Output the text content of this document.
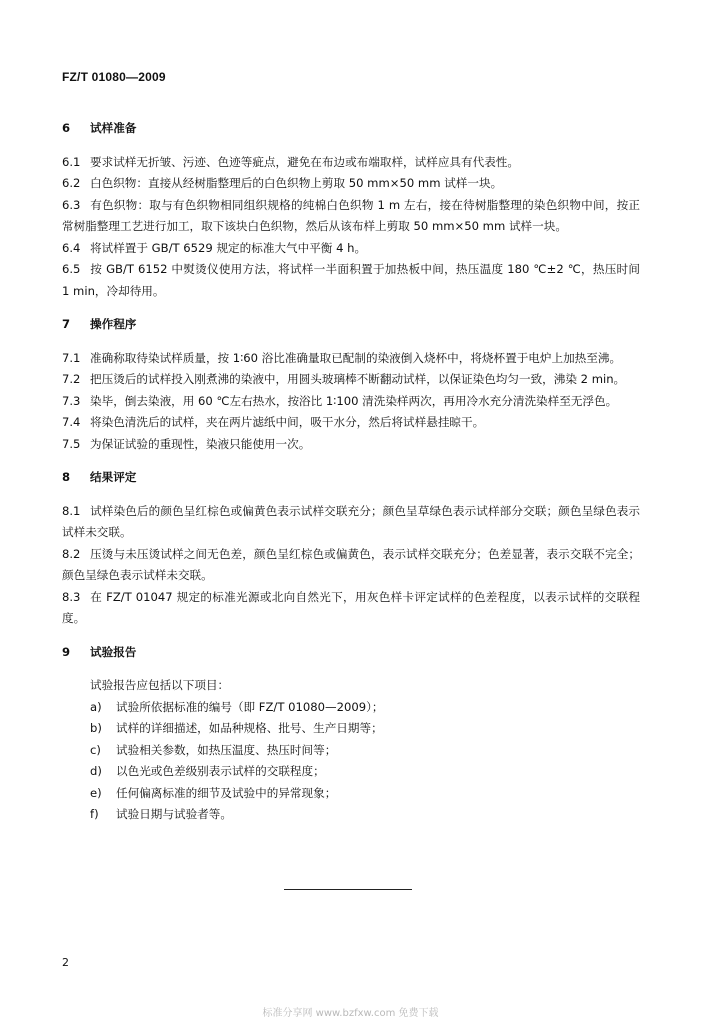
FZ/T 01080—2009
6 试样准备

6.1 要求试样无折皱、污迹、色迹等疵点，避免在布边或布端取样，试样应具有代表性。

6.2 白色织物：直接从经树脂整理后的白色织物上剪取 50 mm×50 mm 试样一块。

6.3 有色织物：取与有色织物相同组织规格的纯棉白色织物 1 m 左右，接在待树脂整理的染色织物中间，按正常树脂整理工艺进行加工，取下该块白色织物，然后从该布样上剪取 50 mm×50 mm 试样一块。

6.4 将试样置于 GB/T 6529 规定的标准大气中平衡 4 h。

6.5 按 GB/T 6152 中熨烫仪使用方法，将试样一半面积置于加热板中间，热压温度 180 ℃±2 ℃，热压时间 1 min，冷却待用。

7 操作程序

7.1 准确称取待染试样质量，按 1∶60 浴比准确量取已配制的染液倒入烧杯中，将烧杯置于电炉上加热至沸。

7.2 把压烫后的试样投入刚煮沸的染液中，用圆头玻璃棒不断翻动试样，以保证染色均匀一致，沸染 2 min。

7.3 染毕，倒去染液，用 60 ℃左右热水，按浴比 1∶100 清洗染样两次，再用冷水充分清洗染样至无浮色。

7.4 将染色清洗后的试样，夹在两片滤纸中间，吸干水分，然后将试样悬挂晾干。

7.5 为保证试验的重现性，染液只能使用一次。

8 结果评定

8.1 试样染色后的颜色呈红棕色或偏黄色表示试样交联充分；颜色呈草绿色表示试样部分交联；颜色呈绿色表示试样未交联。

8.2 压烫与未压烫试样之间无色差，颜色呈红棕色或偏黄色，表示试样交联充分；色差显著，表示交联不完全；颜色呈绿色表示试样未交联。

8.3 在 FZ/T 01047 规定的标准光源或北向自然光下，用灰色样卡评定试样的色差程度，以表示试样的交联程度。

9 试验报告

试验报告应包括以下项目：

a) 试验所依据标准的编号（即 FZ/T 01080—2009）；

b) 试样的详细描述，如品种规格、批号、生产日期等；

c) 试验相关参数，如热压温度、热压时间等；

d) 以色光或色差级别表示试样的交联程度；

e) 任何偏离标准的细节及试验中的异常现象；

f) 试验日期与试验者等。

2
标准分享网 www.bzfxw.com 免费下载
